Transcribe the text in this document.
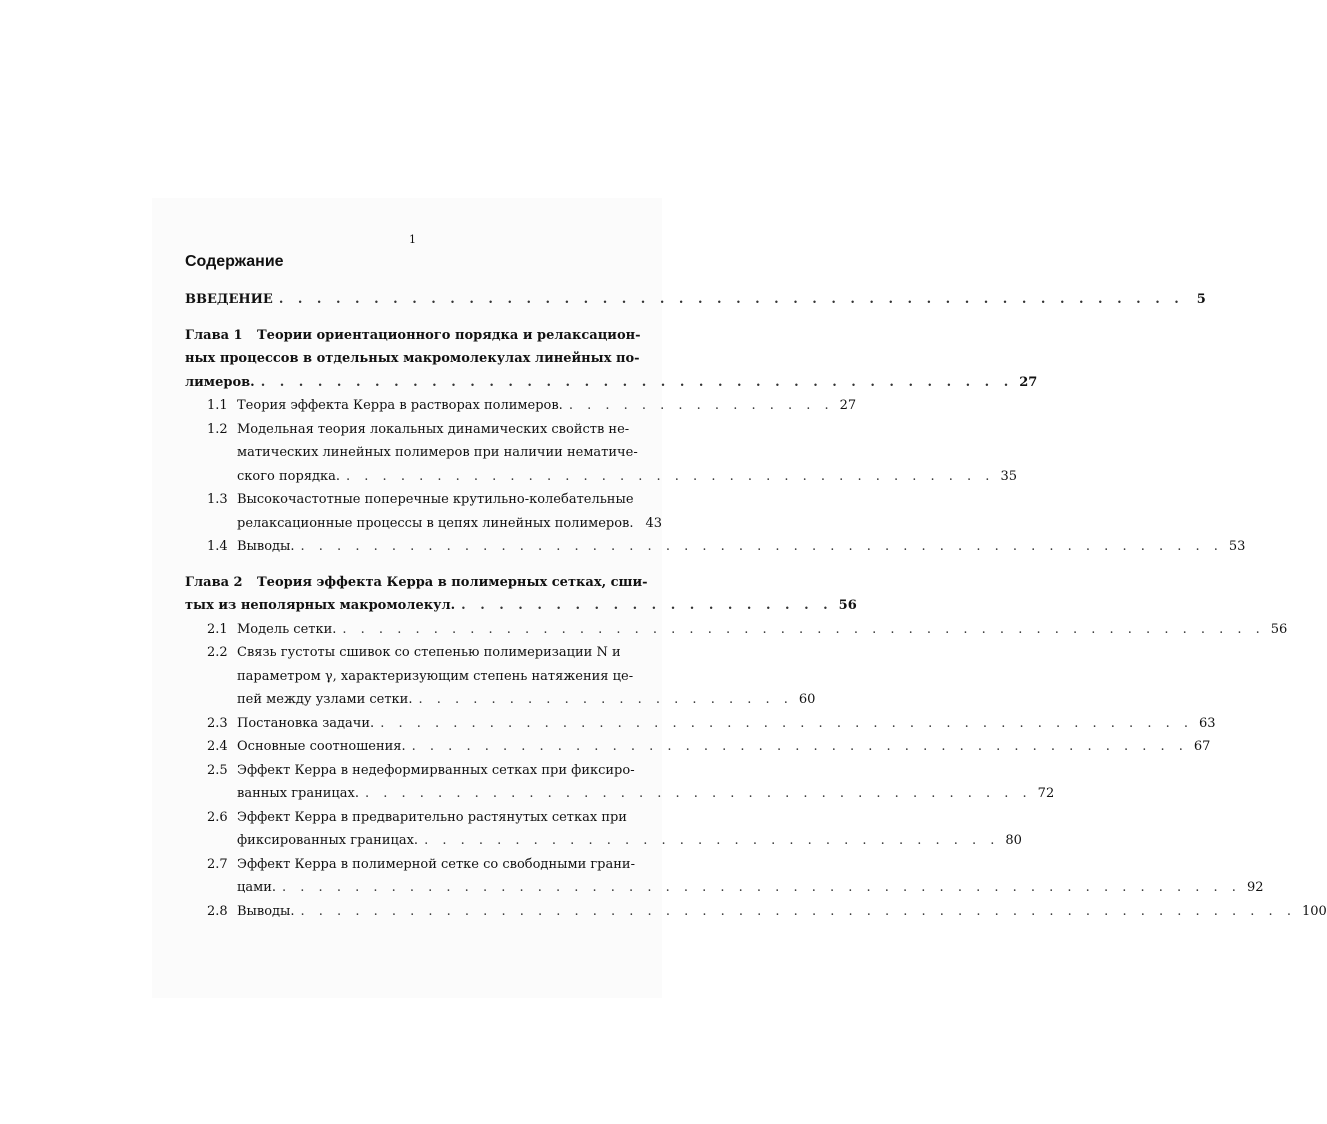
1
Содержание
ВВЕДЕНИЕ . . . . . . . . . . . . . . . . . . . . . . . . . . . . . . . . . . . . . . . . . . . . . . . . 5
Глава 1	Теории ориентационного порядка и релаксацион-
ных процессов в отдельных макромолекулах линейных по-
лимеров. . . . . . . . . . . . . . . . . . . . . . . . . . . . . . . . . . . . . . . . . 27
1.1 Теория эффекта Керра в растворах полимеров. . . . . . . . . . . . . . . . 27
1.2 Модельная теория локальных динамических свойств не-
матических линейных полимеров при наличии нематиче-
ского порядка. . . . . . . . . . . . . . . . . . . . . . . . . . . . . . . . . . . . . 35
1.3 Высокочастотные поперечные крутильно-колебательные
релаксационные процессы в цепях линейных полимеров. 43
1.4 Выводы. . . . . . . . . . . . . . . . . . . . . . . . . . . . . . . . . . . . . . . . . . . . . . . . . . . . 53
Глава 2	Теория эффекта Керра в полимерных сетках, сши-
тых из неполярных макромолекул. . . . . . . . . . . . . . . . . . . . . 56
2.1 Модель сетки. . . . . . . . . . . . . . . . . . . . . . . . . . . . . . . . . . . . . . . . . . . . . . . . . . . . 56
2.2 Связь густоты сшивок со степенью полимеризации N и
параметром γ, характеризующим степень натяжения це-
пей между узлами сетки. . . . . . . . . . . . . . . . . . . . . . 60
2.3 Постановка задачи. . . . . . . . . . . . . . . . . . . . . . . . . . . . . . . . . . . . . . . . . . . . . . 63
2.4 Основные соотношения. . . . . . . . . . . . . . . . . . . . . . . . . . . . . . . . . . . . . . . . . . . . 67
2.5 Эффект Керра в недеформирванных сетках при фиксиро-
ванных границах. . . . . . . . . . . . . . . . . . . . . . . . . . . . . . . . . . . . . . 72
2.6 Эффект Керра в предварительно растянутых сетках при
фиксированных границах. . . . . . . . . . . . . . . . . . . . . . . . . . . . . . . . . 80
2.7 Эффект Керра в полимерной сетке со свободными грани-
цами. . . . . . . . . . . . . . . . . . . . . . . . . . . . . . . . . . . . . . . . . . . . . . . . . . . . . . 92
2.8 Выводы. . . . . . . . . . . . . . . . . . . . . . . . . . . . . . . . . . . . . . . . . . . . . . . . . . . . . . . . 100
